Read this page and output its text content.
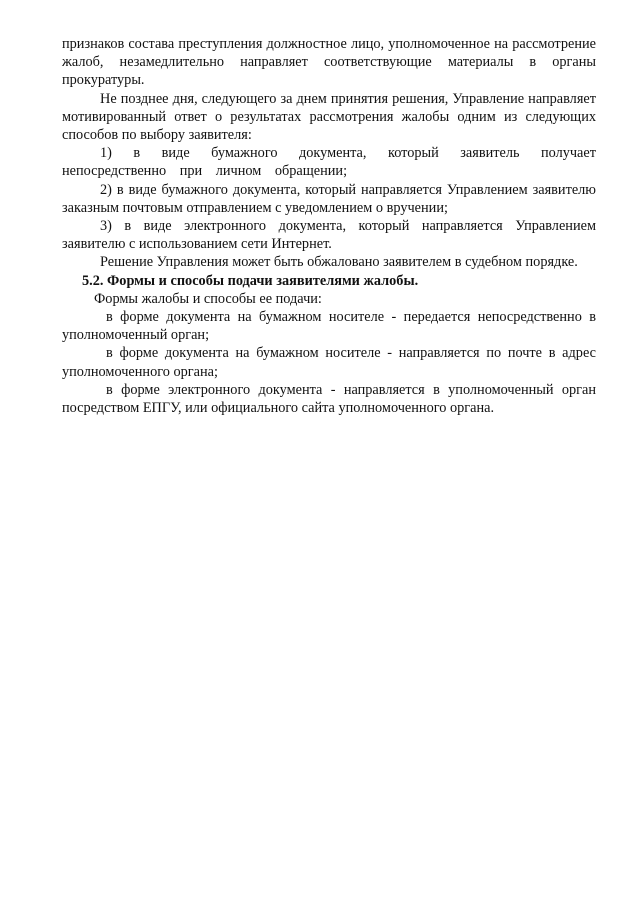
признаков состава преступления должностное лицо, уполномоченное на рассмотрение жалоб, незамедлительно направляет соответствующие материалы в органы прокуратуры.

Не позднее дня, следующего за днем принятия решения, Управление направляет мотивированный ответ о результатах рассмотрения жалобы одним из следующих способов по выбору заявителя:

1) в виде бумажного документа, который заявитель получает непосредственно при личном обращении;

2) в виде бумажного документа, который направляется Управлением заявителю заказным почтовым отправлением с уведомлением о вручении;

3) в виде электронного документа, который направляется Управлением заявителю с использованием сети Интернет.

Решение Управления может быть обжаловано заявителем в судебном порядке.

5.2. Формы и способы подачи заявителями жалобы.

Формы жалобы и способы ее подачи:

в форме документа на бумажном носителе - передается непосредственно в уполномоченный орган;

в форме документа на бумажном носителе - направляется по почте в адрес уполномоченного органа;

в форме электронного документа - направляется в уполномоченный орган посредством ЕПГУ, или официального сайта уполномоченного органа.
